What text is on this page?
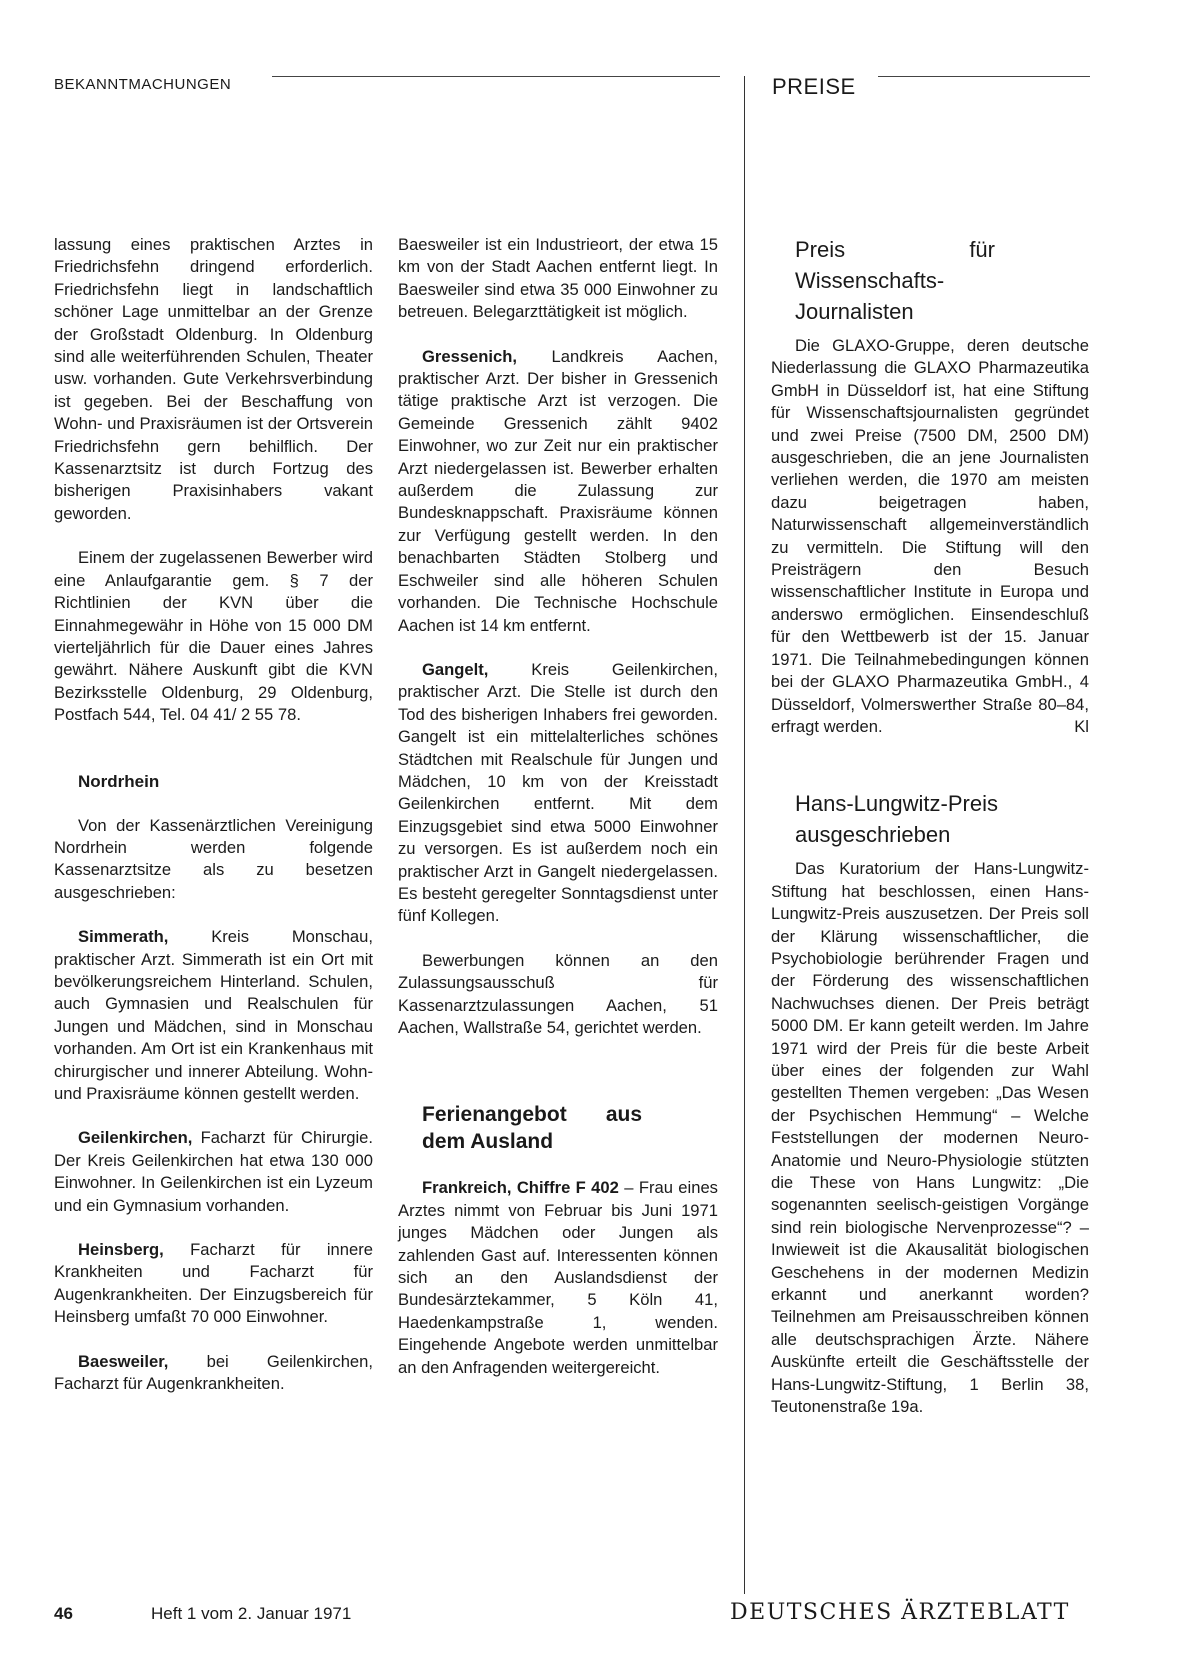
BEKANNTMACHUNGEN	PREISE

lassung eines praktischen Arztes in Friedrichsfehn dringend erforderlich. Friedrichsfehn liegt in landschaftlich schöner Lage unmittelbar an der Grenze der Großstadt Oldenburg. In Oldenburg sind alle weiterführenden Schulen, Theater usw. vorhanden. Gute Verkehrsverbindung ist gegeben. Bei der Beschaffung von Wohn- und Praxisräumen ist der Ortsverein Friedrichsfehn gern behilflich. Der Kassenarztsitz ist durch Fortzug des bisherigen Praxisinhabers vakant geworden.

Einem der zugelassenen Bewerber wird eine Anlaufgarantie gem. § 7 der Richtlinien der KVN über die Einnahmegewähr in Höhe von 15 000 DM vierteljährlich für die Dauer eines Jahres gewährt. Nähere Auskunft gibt die KVN Bezirksstelle Oldenburg, 29 Oldenburg, Postfach 544, Tel. 04 41/ 2 55 78.

Nordrhein

Von der Kassenärztlichen Vereinigung Nordrhein werden folgende Kassenarztsitze als zu besetzen ausgeschrieben:

Simmerath, Kreis Monschau, praktischer Arzt. Simmerath ist ein Ort mit bevölkerungsreichem Hinterland. Schulen, auch Gymnasien und Realschulen für Jungen und Mädchen, sind in Monschau vorhanden. Am Ort ist ein Krankenhaus mit chirurgischer und innerer Abteilung. Wohn- und Praxisräume können gestellt werden.

Geilenkirchen, Facharzt für Chirurgie. Der Kreis Geilenkirchen hat etwa 130 000 Einwohner. In Geilenkirchen ist ein Lyzeum und ein Gymnasium vorhanden.

Heinsberg, Facharzt für innere Krankheiten und Facharzt für Augenkrankheiten. Der Einzugsbereich für Heinsberg umfaßt 70 000 Einwohner.

Baesweiler, bei Geilenkirchen, Facharzt für Augenkrankheiten.

Baesweiler ist ein Industrieort, der etwa 15 km von der Stadt Aachen entfernt liegt. In Baesweiler sind etwa 35 000 Einwohner zu betreuen. Belegarzttätigkeit ist möglich.

Gressenich, Landkreis Aachen, praktischer Arzt. Der bisher in Gressenich tätige praktische Arzt ist verzogen. Die Gemeinde Gressenich zählt 9402 Einwohner, wo zur Zeit nur ein praktischer Arzt niedergelassen ist. Bewerber erhalten außerdem die Zulassung zur Bundesknappschaft. Praxisräume können zur Verfügung gestellt werden. In den benachbarten Städten Stolberg und Eschweiler sind alle höheren Schulen vorhanden. Die Technische Hochschule Aachen ist 14 km entfernt.

Gangelt, Kreis Geilenkirchen, praktischer Arzt. Die Stelle ist durch den Tod des bisherigen Inhabers frei geworden. Gangelt ist ein mittelalterliches schönes Städtchen mit Realschule für Jungen und Mädchen, 10 km von der Kreisstadt Geilenkirchen entfernt. Mit dem Einzugsgebiet sind etwa 5000 Einwohner zu versorgen. Es ist außerdem noch ein praktischer Arzt in Gangelt niedergelassen. Es besteht geregelter Sonntagsdienst unter fünf Kollegen.

Bewerbungen können an den Zulassungsausschuß für Kassenarztzulassungen Aachen, 51 Aachen, Wallstraße 54, gerichtet werden.

Ferienangebot aus dem Ausland

Frankreich, Chiffre F 402 – Frau eines Arztes nimmt von Februar bis Juni 1971 junges Mädchen oder Jungen als zahlenden Gast auf. Interessenten können sich an den Auslandsdienst der Bundesärztekammer, 5 Köln 41, Haedenkampstraße 1, wenden. Eingehende Angebote werden unmittelbar an den Anfragenden weitergereicht.

Preis für Wissenschafts-Journalisten

Die GLAXO-Gruppe, deren deutsche Niederlassung die GLAXO Pharmazeutika GmbH in Düsseldorf ist, hat eine Stiftung für Wissenschaftsjournalisten gegründet und zwei Preise (7500 DM, 2500 DM) ausgeschrieben, die an jene Journalisten verliehen werden, die 1970 am meisten dazu beigetragen haben, Naturwissenschaft allgemeinverständlich zu vermitteln. Die Stiftung will den Preisträgern den Besuch wissenschaftlicher Institute in Europa und anderswo ermöglichen. Einsendeschluß für den Wettbewerb ist der 15. Januar 1971. Die Teilnahmebedingungen können bei der GLAXO Pharmazeutika GmbH., 4 Düsseldorf, Volmerswerther Straße 80–84, erfragt werden.	Kl

Hans-Lungwitz-Preis ausgeschrieben

Das Kuratorium der Hans-Lungwitz-Stiftung hat beschlossen, einen Hans-Lungwitz-Preis auszusetzen. Der Preis soll der Klärung wissenschaftlicher, die Psychobiologie berührender Fragen und der Förderung des wissenschaftlichen Nachwuchses dienen. Der Preis beträgt 5000 DM. Er kann geteilt werden. Im Jahre 1971 wird der Preis für die beste Arbeit über eines der folgenden zur Wahl gestellten Themen vergeben: „Das Wesen der Psychischen Hemmung“ – Welche Feststellungen der modernen Neuro-Anatomie und Neuro-Physiologie stützten die These von Hans Lungwitz: „Die sogenannten seelisch-geistigen Vorgänge sind rein biologische Nervenprozesse“? – Inwieweit ist die Akausalität biologischen Geschehens in der modernen Medizin erkannt und anerkannt worden? Teilnehmen am Preisausschreiben können alle deutschsprachigen Ärzte. Nähere Auskünfte erteilt die Geschäftsstelle der Hans-Lungwitz-Stiftung, 1 Berlin 38, Teutonenstraße 19a.

46	Heft 1 vom 2. Januar 1971	DEUTSCHES ÄRZTEBLATT
